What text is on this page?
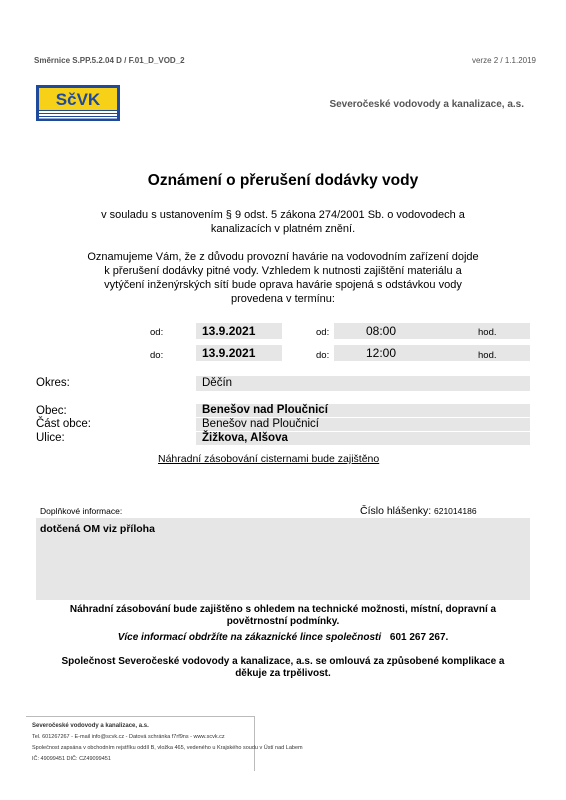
Směrnice S.PP.5.2.04 D / F.01_D_VOD_2	verze 2 / 1.1.2019
SčVK	Severočeské vodovody a kanalizace, a.s.
Oznámení o přerušení dodávky vody
v souladu s ustanovením § 9 odst. 5 zákona 274/2001 Sb. o vodovodech a
kanalizacích v platném znění.
Oznamujeme Vám, že z důvodu provozní havárie na vodovodním zařízení dojde
k přerušení dodávky pitné vody. Vzhledem k nutnosti zajištění materiálu a
vytýčení inženýrských sítí bude oprava havárie spojená s odstávkou vody
provedena v termínu:
od:	13.9.2021	od:	08:00	hod.
do:	13.9.2021	do:	12:00	hod.
Okres:	Děčín
Obec:	Benešov nad Ploučnicí
Část obce:	Benešov nad Ploučnicí
Ulice:	Žižkova, Alšova
Náhradní zásobování cisternami bude zajištěno
Doplňkové informace:	Číslo hlášenky: 621014186
dotčená OM viz příloha
Náhradní zásobování bude zajištěno s ohledem na technické možnosti, místní, dopravní a
povětrnostní podmínky.
Více informací obdržíte na zákaznické lince společnosti 601 267 267.
Společnost Severočeské vodovody a kanalizace, a.s. se omlouvá za způsobené komplikace a
děkuje za trpělivost.
Severočeské vodovody a kanalizace, a.s.
Tel. 601267267 - E-mail info@scvk.cz - Datová schránka f7rf9ns - www.scvk.cz
Společnost zapsána v obchodním rejstříku oddíl B, vložka 465, vedeného u Krajského soudu v Ústí nad Labem
IČ: 49099451 DIČ: CZ49099451
